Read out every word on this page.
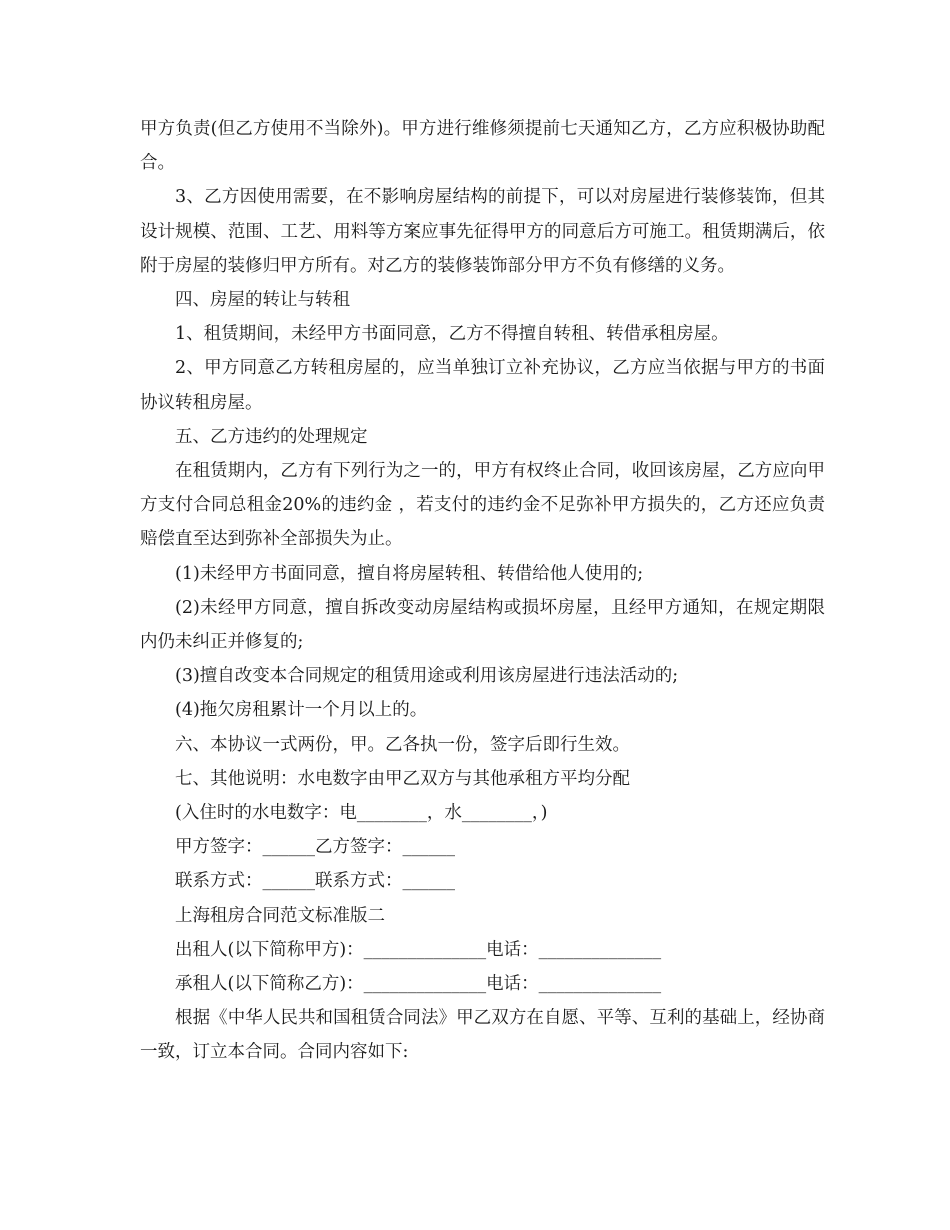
甲方负责(但乙方使用不当除外)。甲方进行维修须提前七天通知乙方，乙方应积极协助配合。

3、乙方因使用需要，在不影响房屋结构的前提下，可以对房屋进行装修装饰，但其设计规模、范围、工艺、用料等方案应事先征得甲方的同意后方可施工。租赁期满后，依附于房屋的装修归甲方所有。对乙方的装修装饰部分甲方不负有修缮的义务。

四、房屋的转让与转租

1、租赁期间，未经甲方书面同意，乙方不得擅自转租、转借承租房屋。

2、甲方同意乙方转租房屋的，应当单独订立补充协议，乙方应当依据与甲方的书面协议转租房屋。

五、乙方违约的处理规定

在租赁期内，乙方有下列行为之一的，甲方有权终止合同，收回该房屋，乙方应向甲方支付合同总租金20%的违约金 ，若支付的违约金不足弥补甲方损失的，乙方还应负责赔偿直至达到弥补全部损失为止。

(1)未经甲方书面同意，擅自将房屋转租、转借给他人使用的;

(2)未经甲方同意，擅自拆改变动房屋结构或损坏房屋，且经甲方通知，在规定期限内仍未纠正并修复的;

(3)擅自改变本合同规定的租赁用途或利用该房屋进行违法活动的;

(4)拖欠房租累计一个月以上的。

六、本协议一式两份，甲。乙各执一份，签字后即行生效。

七、其他说明：水电数字由甲乙双方与其他承租方平均分配

(入住时的水电数字：电________，水________，)

甲方签字：______乙方签字：______

联系方式：______联系方式：______

上海租房合同范文标准版二

出租人(以下简称甲方)：______________电话：______________

承租人(以下简称乙方)：______________电话：______________

根据《中华人民共和国租赁合同法》甲乙双方在自愿、平等、互利的基础上，经协商一致，订立本合同。合同内容如下:
